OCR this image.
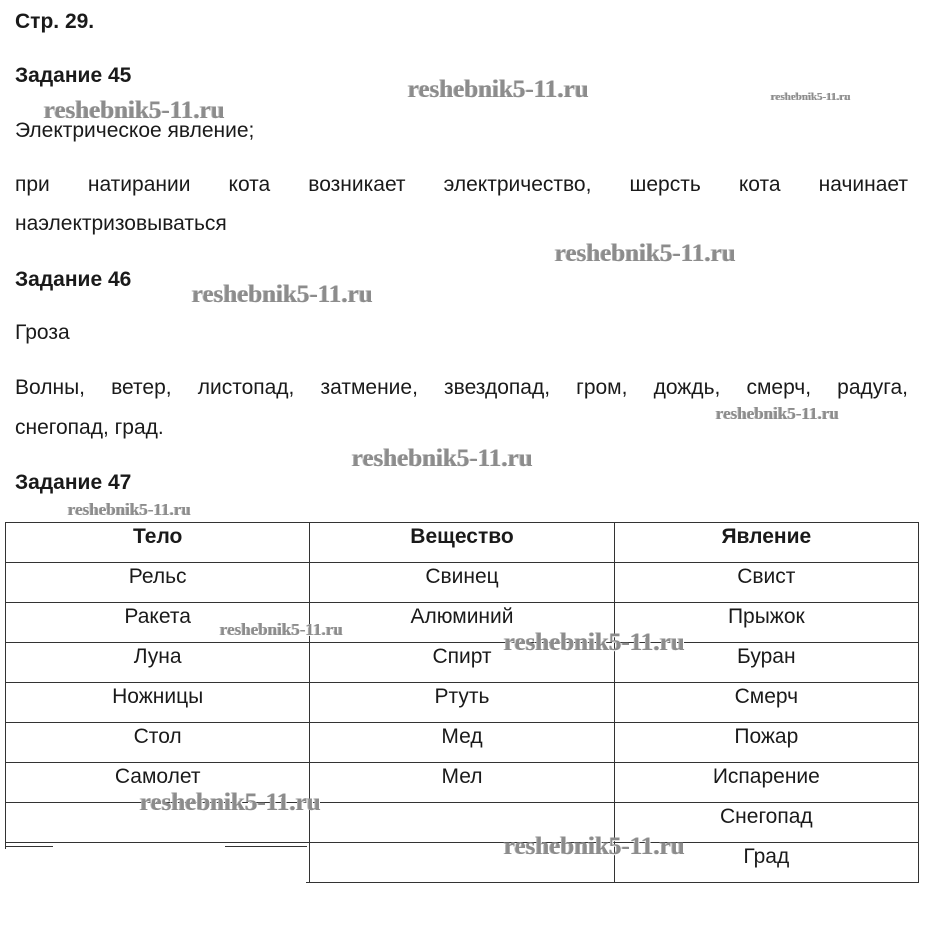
Стр. 29.
Задание 45
Электрическое явление;
при натирании кота возникает электричество, шерсть кота начинает
наэлектризовываться
Задание 46
Гроза
Волны, ветер, листопад, затмение, звездопад, гром, дождь, смерч, радуга,
снегопад, град.
Задание 47
Тело	Вещество	Явление
Рельс	Свинец	Свист
Ракета	Алюминий	Прыжок
Луна	Спирт	Буран
Ножницы	Ртуть	Смерч
Стол	Мед	Пожар
Самолет	Мел	Испарение
		Снегопад
		Град
reshebnik5-11.ru	reshebnik5-11.ru
reshebnik5-11.ru
reshebnik5-11.ru
reshebnik5-11.ru
reshebnik5-11.ru
reshebnik5-11.ru
reshebnik5-11.ru
reshebnik5-11.ru	reshebnik5-11.ru
reshebnik5-11.ru
reshebnik5-11.ru
